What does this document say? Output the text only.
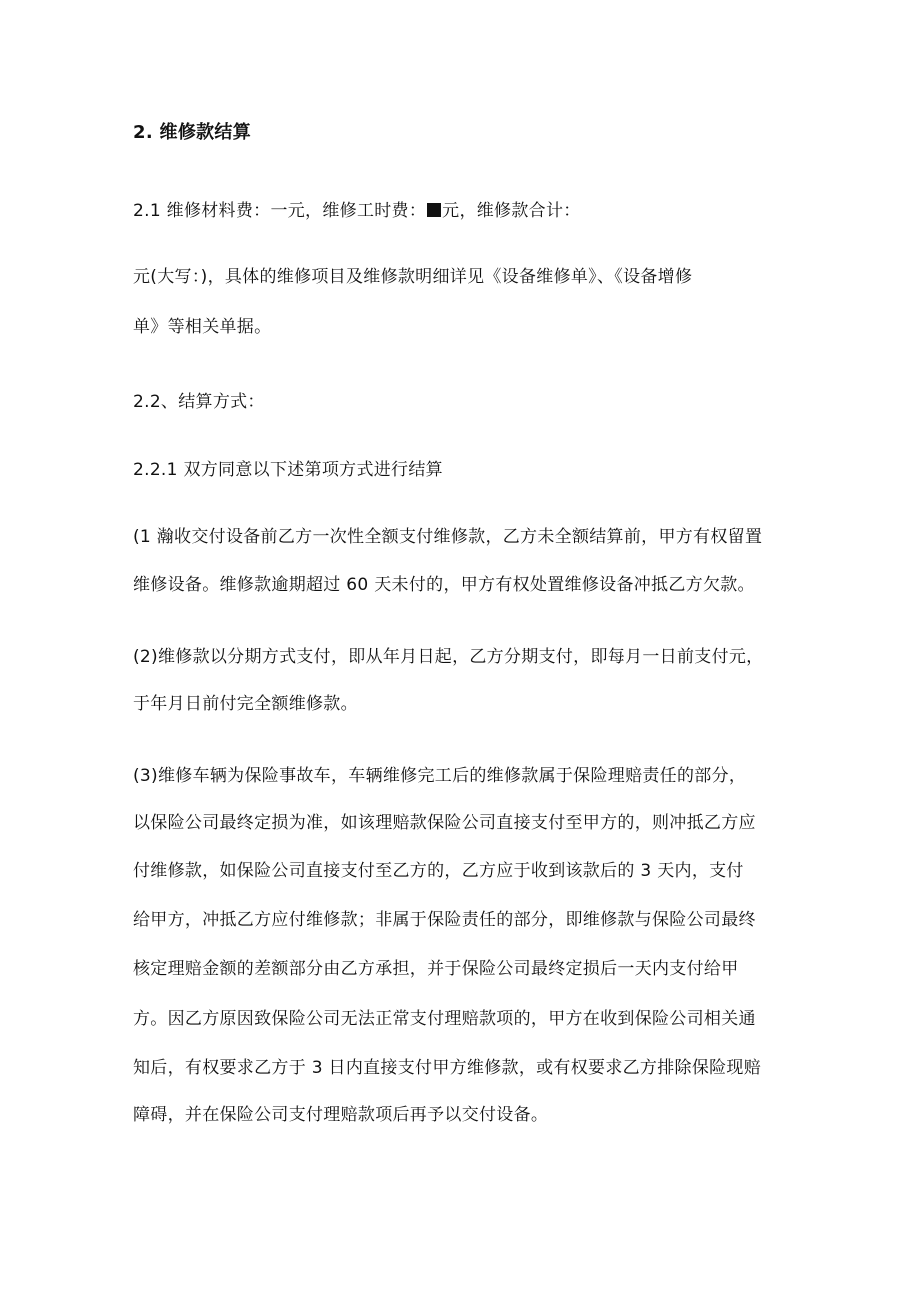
2. 维修款结算
2.1 维修材料费：一元，维修工时费： 元，维修款合计：
元(大写：)，具体的维修项目及维修款明细详见《设备维修单》、《设备增修
单》等相关单据。
2.2、结算方式：
2.2.1 双方同意以下述第项方式进行结算
(1 瀚收交付设备前乙方一次性全额支付维修款，乙方未全额结算前，甲方有权留置
维修设备。维修款逾期超过 60 天未付的，甲方有权处置维修设备冲抵乙方欠款。
(2)维修款以分期方式支付，即从年月日起，乙方分期支付，即每月一日前支付元，
于年月日前付完全额维修款。
(3)维修车辆为保险事故车，车辆维修完工后的维修款属于保险理赔责任的部分，
以保险公司最终定损为准，如该理赔款保险公司直接支付至甲方的，则冲抵乙方应
付维修款，如保险公司直接支付至乙方的，乙方应于收到该款后的 3 天内，支付
给甲方，冲抵乙方应付维修款；非属于保险责任的部分，即维修款与保险公司最终
核定理赔金额的差额部分由乙方承担，并于保险公司最终定损后一天内支付给甲
方。因乙方原因致保险公司无法正常支付理赔款项的，甲方在收到保险公司相关通
知后，有权要求乙方于 3 日内直接支付甲方维修款，或有权要求乙方排除保险现赔
障碍，并在保险公司支付理赔款项后再予以交付设备。
